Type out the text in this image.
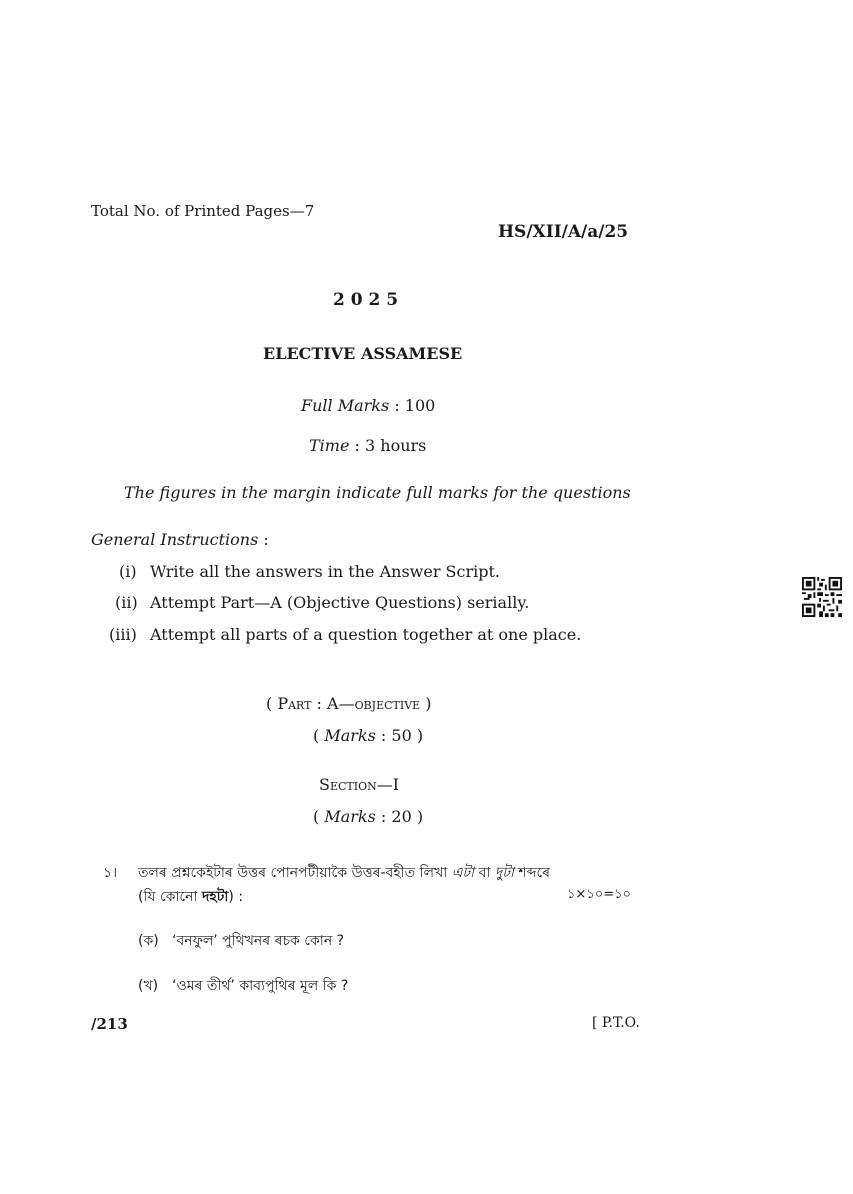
Total No. of Printed Pages—7
HS/XII/A/a/25
2 0 2 5
ELECTIVE ASSAMESE
Full Marks : 100
Time : 3 hours
The figures in the margin indicate full marks for the questions
General Instructions :
(i) Write all the answers in the Answer Script.
(ii) Attempt Part—A (Objective Questions) serially.
(iii) Attempt all parts of a question together at one place.
( Part : A—objective )
( Marks : 50 )
Section—I
( Marks : 20 )
১। তলৰ প্ৰশ্নকেইটাৰ উত্তৰ পোনপটীয়াকৈ উত্তৰ-বহীত লিখা এটা বা দুটা শব্দৰে
(যি কোনো দহটা) :	১×১০=১০
(ক) ‘বনফুল’ পুথিখনৰ ৰচক কোন ?
(খ) ‘ওমৰ তীৰ্থ’ কাব্যপুথিৰ মূল কি ?
/213	[ P.T.O.
